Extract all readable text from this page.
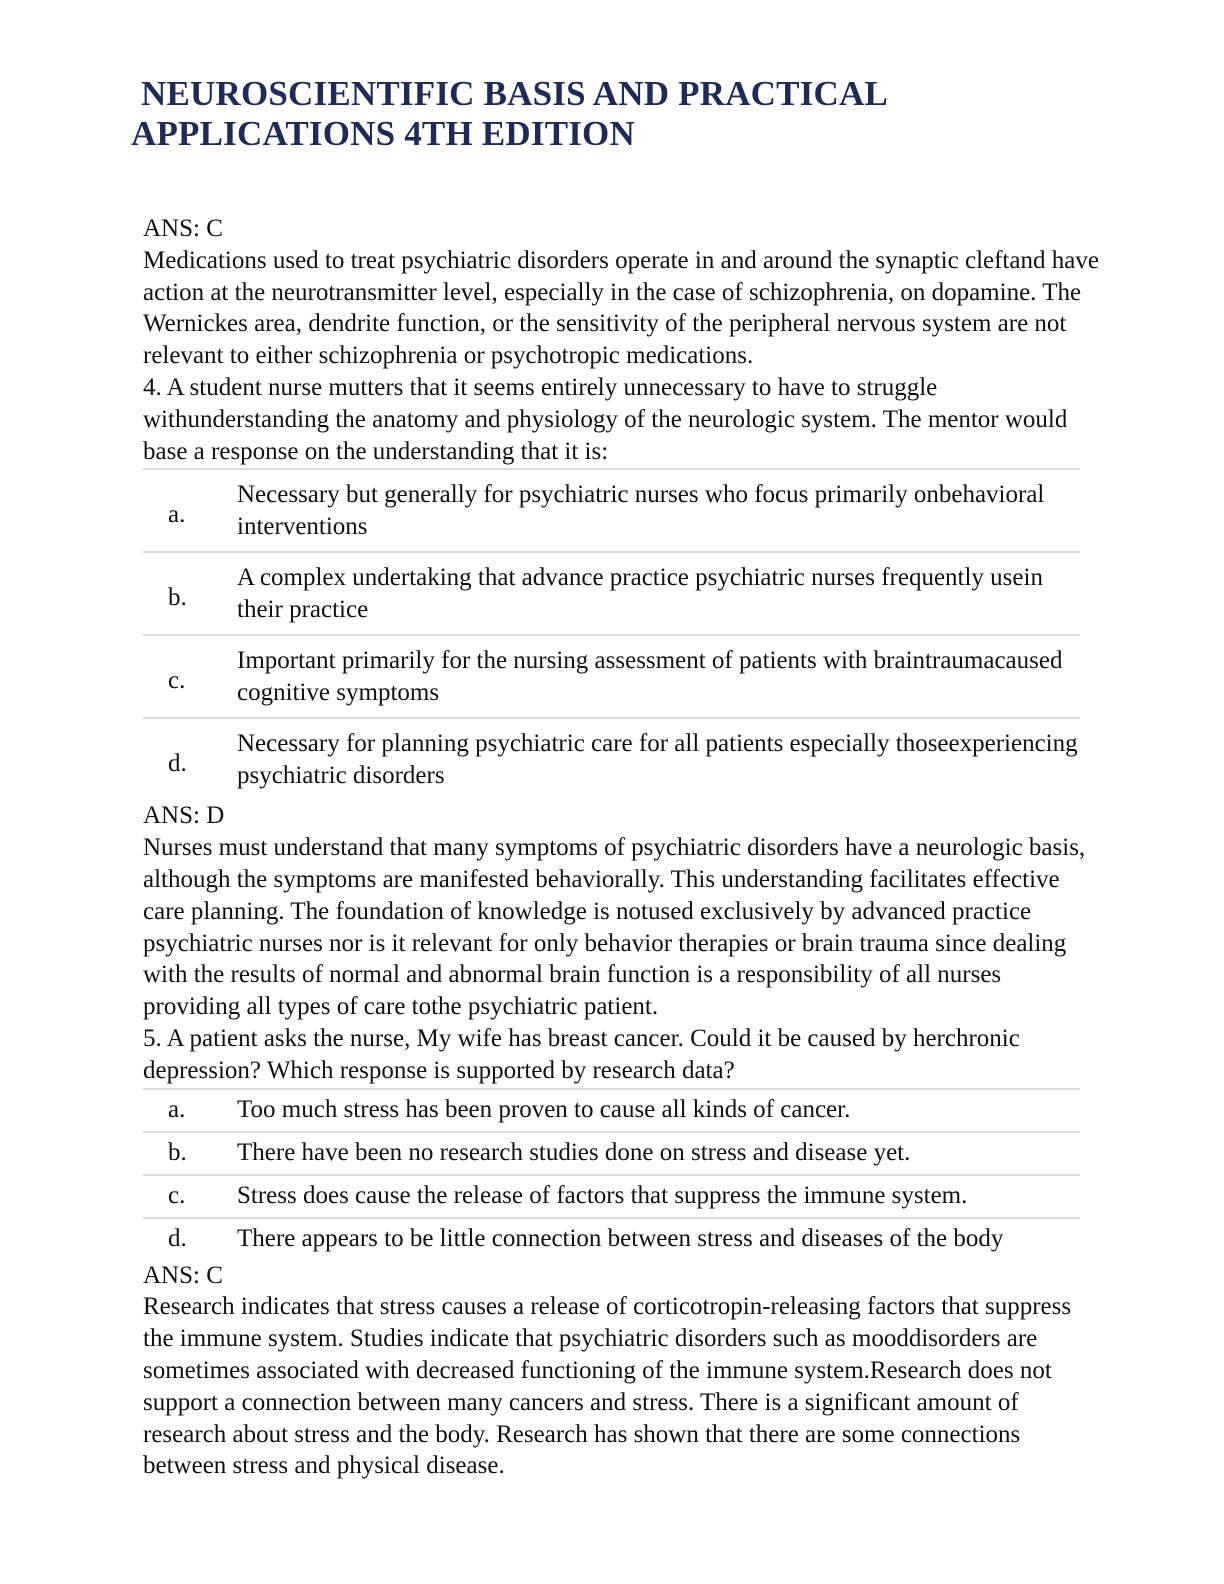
NEUROSCIENTIFIC BASIS AND PRACTICAL
APPLICATIONS 4TH EDITION

ANS: C

Medications used to treat psychiatric disorders operate in and around the synaptic cleftand have action at the neurotransmitter level, especially in the case of schizophrenia, on dopamine. The Wernickes area, dendrite function, or the sensitivity of the peripheral nervous system are not relevant to either schizophrenia or psychotropic medications.

4. A student nurse mutters that it seems entirely unnecessary to have to struggle withunderstanding the anatomy and physiology of the neurologic system. The mentor would base a response on the understanding that it is:

a.	Necessary but generally for psychiatric nurses who focus primarily onbehavioral interventions
b.	A complex undertaking that advance practice psychiatric nurses frequently usein their practice
c.	Important primarily for the nursing assessment of patients with braintraumacaused cognitive symptoms
d.	Necessary for planning psychiatric care for all patients especially thoseexperiencing psychiatric disorders

ANS: D

Nurses must understand that many symptoms of psychiatric disorders have a neurologic basis, although the symptoms are manifested behaviorally. This understanding facilitates effective care planning. The foundation of knowledge is notused exclusively by advanced practice psychiatric nurses nor is it relevant for only behavior therapies or brain trauma since dealing with the results of normal and abnormal brain function is a responsibility of all nurses providing all types of care tothe psychiatric patient.

5. A patient asks the nurse, My wife has breast cancer. Could it be caused by herchronic depression? Which response is supported by research data?

a.	Too much stress has been proven to cause all kinds of cancer.
b.	There have been no research studies done on stress and disease yet.
c.	Stress does cause the release of factors that suppress the immune system.
d.	There appears to be little connection between stress and diseases of the body

ANS: C

Research indicates that stress causes a release of corticotropin-releasing factors that suppress the immune system. Studies indicate that psychiatric disorders such as mooddisorders are sometimes associated with decreased functioning of the immune system.Research does not support a connection between many cancers and stress. There is a significant amount of research about stress and the body. Research has shown that there are some connections between stress and physical disease.
